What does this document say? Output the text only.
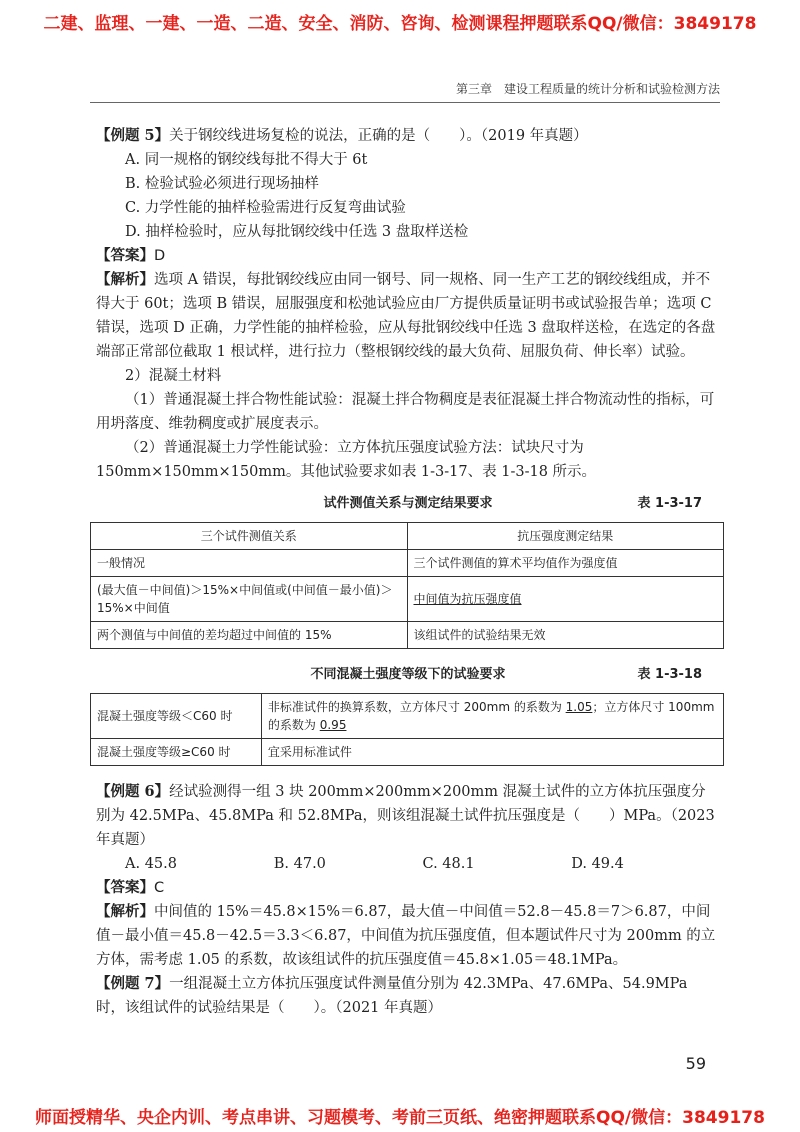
二建、监理、一建、一造、二造、安全、消防、咨询、检测课程押题联系QQ/微信：3849178
第三章　建设工程质量的统计分析和试验检测方法

【例题 5】关于钢绞线进场复检的说法，正确的是（　　）。（2019 年真题）

A. 同一规格的钢绞线每批不得大于 6t

B. 检验试验必须进行现场抽样

C. 力学性能的抽样检验需进行反复弯曲试验

D. 抽样检验时，应从每批钢绞线中任选 3 盘取样送检

【答案】D

【解析】选项 A 错误，每批钢绞线应由同一钢号、同一规格、同一生产工艺的钢绞线组成，并不得大于 60t；选项 B 错误，屈服强度和松弛试验应由厂方提供质量证明书或试验报告单；选项 C 错误，选项 D 正确，力学性能的抽样检验，应从每批钢绞线中任选 3 盘取样送检，在选定的各盘端部正常部位截取 1 根试样，进行拉力（整根钢绞线的最大负荷、屈服负荷、伸长率）试验。

2）混凝土材料

（1）普通混凝土拌合物性能试验：混凝土拌合物稠度是表征混凝土拌合物流动性的指标，可用坍落度、维勃稠度或扩展度表示。

（2）普通混凝土力学性能试验：立方体抗压强度试验方法：试块尺寸为 150mm×150mm×150mm。其他试验要求如表 1-3-17、表 1-3-18 所示。

试件测值关系与测定结果要求	表 1-3-17
三个试件测值关系	抗压强度测定结果
一般情况	三个试件测值的算术平均值作为强度值
(最大值－中间值)＞15%×中间值或(中间值－最小值)＞15%×中间值	中间值为抗压强度值
两个测值与中间值的差均超过中间值的 15%	该组试件的试验结果无效
不同混凝土强度等级下的试验要求	表 1-3-18
混凝土强度等级＜C60 时	非标准试件的换算系数，立方体尺寸 200mm 的系数为 1.05；立方体尺寸 100mm 的系数为 0.95
混凝土强度等级≥C60 时	宜采用标准试件

【例题 6】经试验测得一组 3 块 200mm×200mm×200mm 混凝土试件的立方体抗压强度分别为 42.5MPa、45.8MPa 和 52.8MPa，则该组混凝土试件抗压强度是（　　）MPa。（2023 年真题）

A. 45.8	B. 47.0	C. 48.1	D. 49.4

【答案】C

【解析】中间值的 15%＝45.8×15%＝6.87，最大值－中间值＝52.8－45.8＝7＞6.87，中间值－最小值＝45.8－42.5＝3.3＜6.87，中间值为抗压强度值，但本题试件尺寸为 200mm 的立方体，需考虑 1.05 的系数，故该组试件的抗压强度值＝45.8×1.05＝48.1MPa。

【例题 7】一组混凝土立方体抗压强度试件测量值分别为 42.3MPa、47.6MPa、54.9MPa 时，该组试件的试验结果是（　　）。（2021 年真题）

59
师面授精华、央企内训、考点串讲、习题模考、考前三页纸、绝密押题联系QQ/微信：3849178
